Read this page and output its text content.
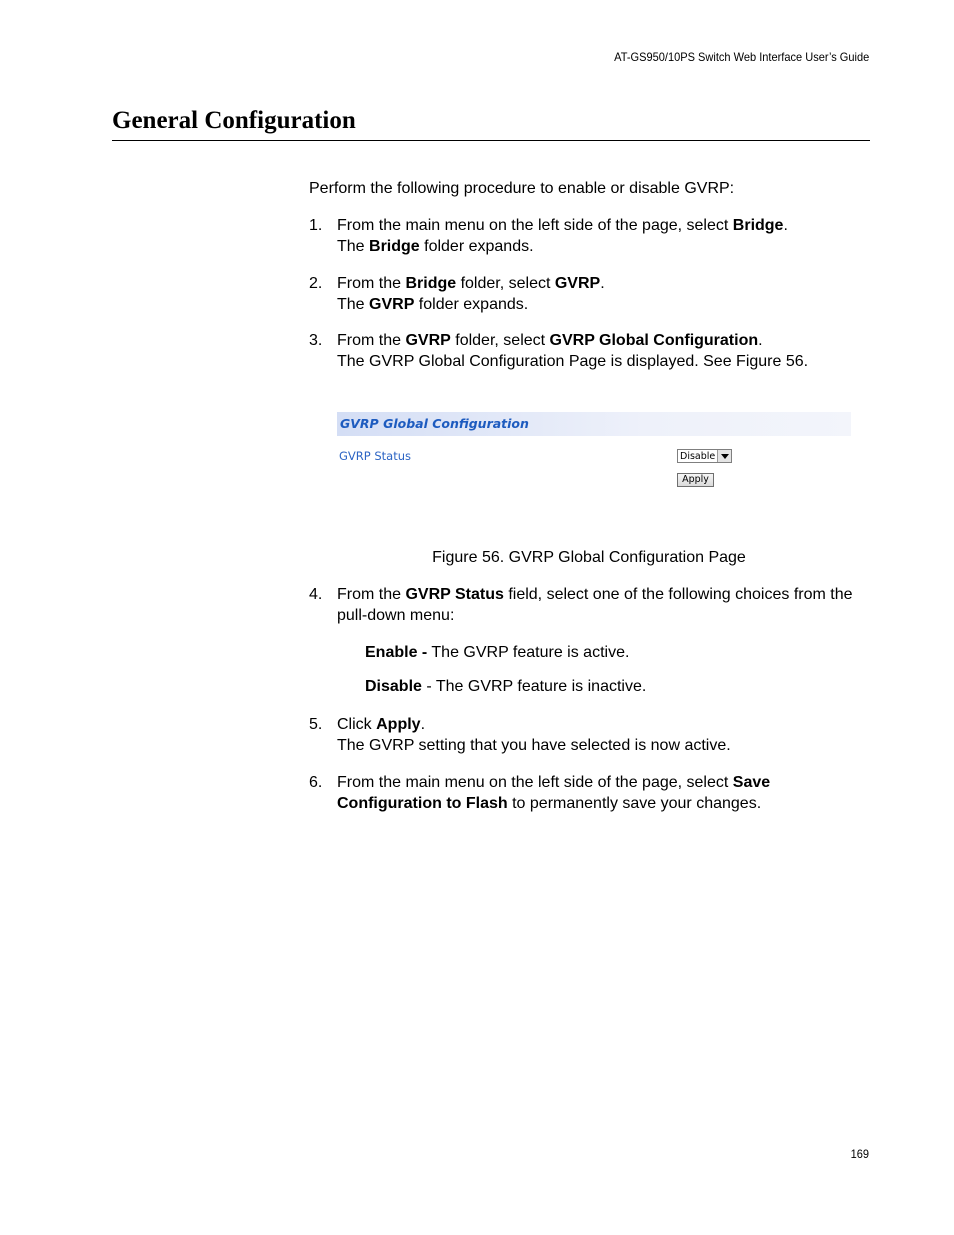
AT-GS950/10PS Switch Web Interface User’s Guide
General Configuration
Perform the following procedure to enable or disable GVRP:
1. From the main menu on the left side of the page, select Bridge.

The Bridge folder expands.

2. From the Bridge folder, select GVRP.

The GVRP folder expands.

3. From the GVRP folder, select GVRP Global Configuration.

The GVRP Global Configuration Page is displayed. See Figure 56.

GVRP Global Configuration
GVRP Status	Disable
Apply
Figure 56. GVRP Global Configuration Page
4. From the GVRP Status field, select one of the following choices from the pull-down menu:

Enable - The GVRP feature is active.
Disable - The GVRP feature is inactive.
5. Click Apply.

The GVRP setting that you have selected is now active.

6. From the main menu on the left side of the page, select Save Configuration to Flash to permanently save your changes.

169
